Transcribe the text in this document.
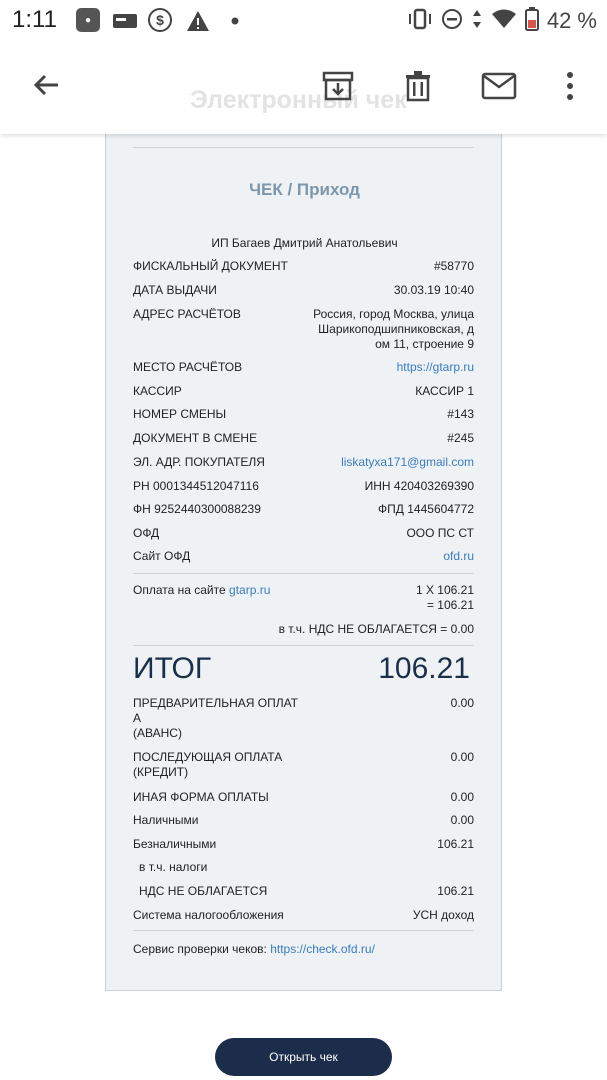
1:11	●	$	42 %
Электронный чек
ЧЕК / Приход
ИП Багаев Дмитрий Анатольевич
ФИСКАЛЬНЫЙ ДОКУМЕНТ	#58770
ДАТА ВЫДАЧИ	30.03.19 10:40
АДРЕС РАСЧЁТОВ	Россия, город Москва, улица
Шарикоподшипниковская, д
ом 11, строение 9
МЕСТО РАСЧЁТОВ	https://gtarp.ru
КАССИР	КАССИР 1
НОМЕР СМЕНЫ	#143
ДОКУМЕНТ В СМЕНЕ	#245
ЭЛ. АДР. ПОКУПАТЕЛЯ	liskatyxa171@gmail.com
РН 0001344512047116	ИНН 420403269390
ФН 9252440300088239	ФПД 1445604772
ОФД	ООО ПС СТ
Сайт ОФД	ofd.ru
Оплата на сайте gtarp.ru	1 X 106.21
= 106.21
в т.ч. НДС НЕ ОБЛАГАЕТСЯ = 0.00
ИТОГ	106.21
ПРЕДВАРИТЕЛЬНАЯ ОПЛАТ
А
(АВАНС)
0.00
ПОСЛЕДУЮЩАЯ ОПЛАТА
(КРЕДИТ)
0.00
ИНАЯ ФОРМА ОПЛАТЫ	0.00
Наличными	0.00
Безналичными	106.21
в т.ч. налоги
НДС НЕ ОБЛАГАЕТСЯ	106.21
Система налогообложения	УСН доход
Сервис проверки чеков: https://check.ofd.ru/
Открыть чек
